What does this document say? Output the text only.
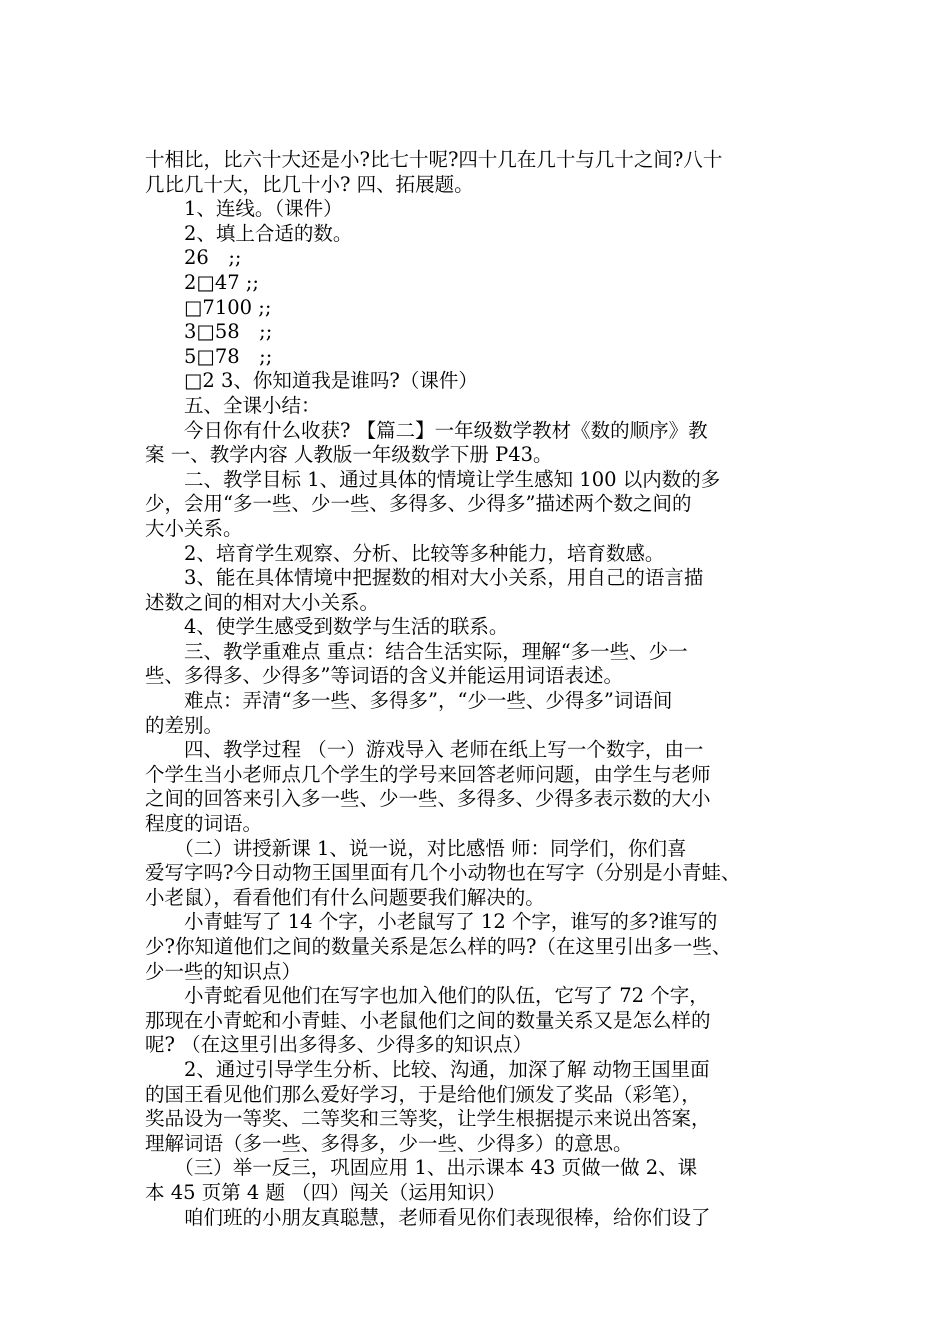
十相比，比六十大还是小?比七十呢?四十几在几十与几十之间?八十

几比几十大，比几十小? 四、拓展题。

　　1、连线。（课件）

　　2、填上合适的数。

　　26　;;

　　2□47 ;;

　　□7100 ;;

　　3□58　;;

　　5□78　;;

　　□2 3、你知道我是谁吗?（课件）

　　五、全课小结：

　　今日你有什么收获? 【篇二】一年级数学教材《数的顺序》教

案 一、教学内容 人教版一年级数学下册 P43。

　　二、教学目标 1、通过具体的情境让学生感知 100 以内数的多

少，会用“多一些、少一些、多得多、少得多”描述两个数之间的

大小关系。

　　2、培育学生观察、分析、比较等多种能力，培育数感。

　　3、能在具体情境中把握数的相对大小关系，用自己的语言描

述数之间的相对大小关系。

　　4、使学生感受到数学与生活的联系。

　　三、教学重难点 重点：结合生活实际，理解“多一些、少一

些、多得多、少得多”等词语的含义并能运用词语表述。

　　难点：弄清“多一些、多得多”，“少一些、少得多”词语间

的差别。

　　四、教学过程 （一）游戏导入 老师在纸上写一个数字，由一

个学生当小老师点几个学生的学号来回答老师问题，由学生与老师

之间的回答来引入多一些、少一些、多得多、少得多表示数的大小

程度的词语。

　　（二）讲授新课 1、说一说，对比感悟 师：同学们，你们喜

爱写字吗?今日动物王国里面有几个小动物也在写字（分别是小青蛙、

小老鼠），看看他们有什么问题要我们解决的。

　　小青蛙写了 14 个字，小老鼠写了 12 个字，谁写的多?谁写的

少?你知道他们之间的数量关系是怎么样的吗?（在这里引出多一些、

少一些的知识点）

　　小青蛇看见他们在写字也加入他们的队伍，它写了 72 个字，

那现在小青蛇和小青蛙、小老鼠他们之间的数量关系又是怎么样的

呢? （在这里引出多得多、少得多的知识点）

　　2、通过引导学生分析、比较、沟通，加深了解 动物王国里面

的国王看见他们那么爱好学习，于是给他们颁发了奖品（彩笔），

奖品设为一等奖、二等奖和三等奖，让学生根据提示来说出答案，

理解词语（多一些、多得多，少一些、少得多）的意思。

　　（三）举一反三，巩固应用 1、出示课本 43 页做一做 2、课

本 45 页第 4 题 （四）闯关（运用知识）

　　咱们班的小朋友真聪慧，老师看见你们表现很棒，给你们设了
